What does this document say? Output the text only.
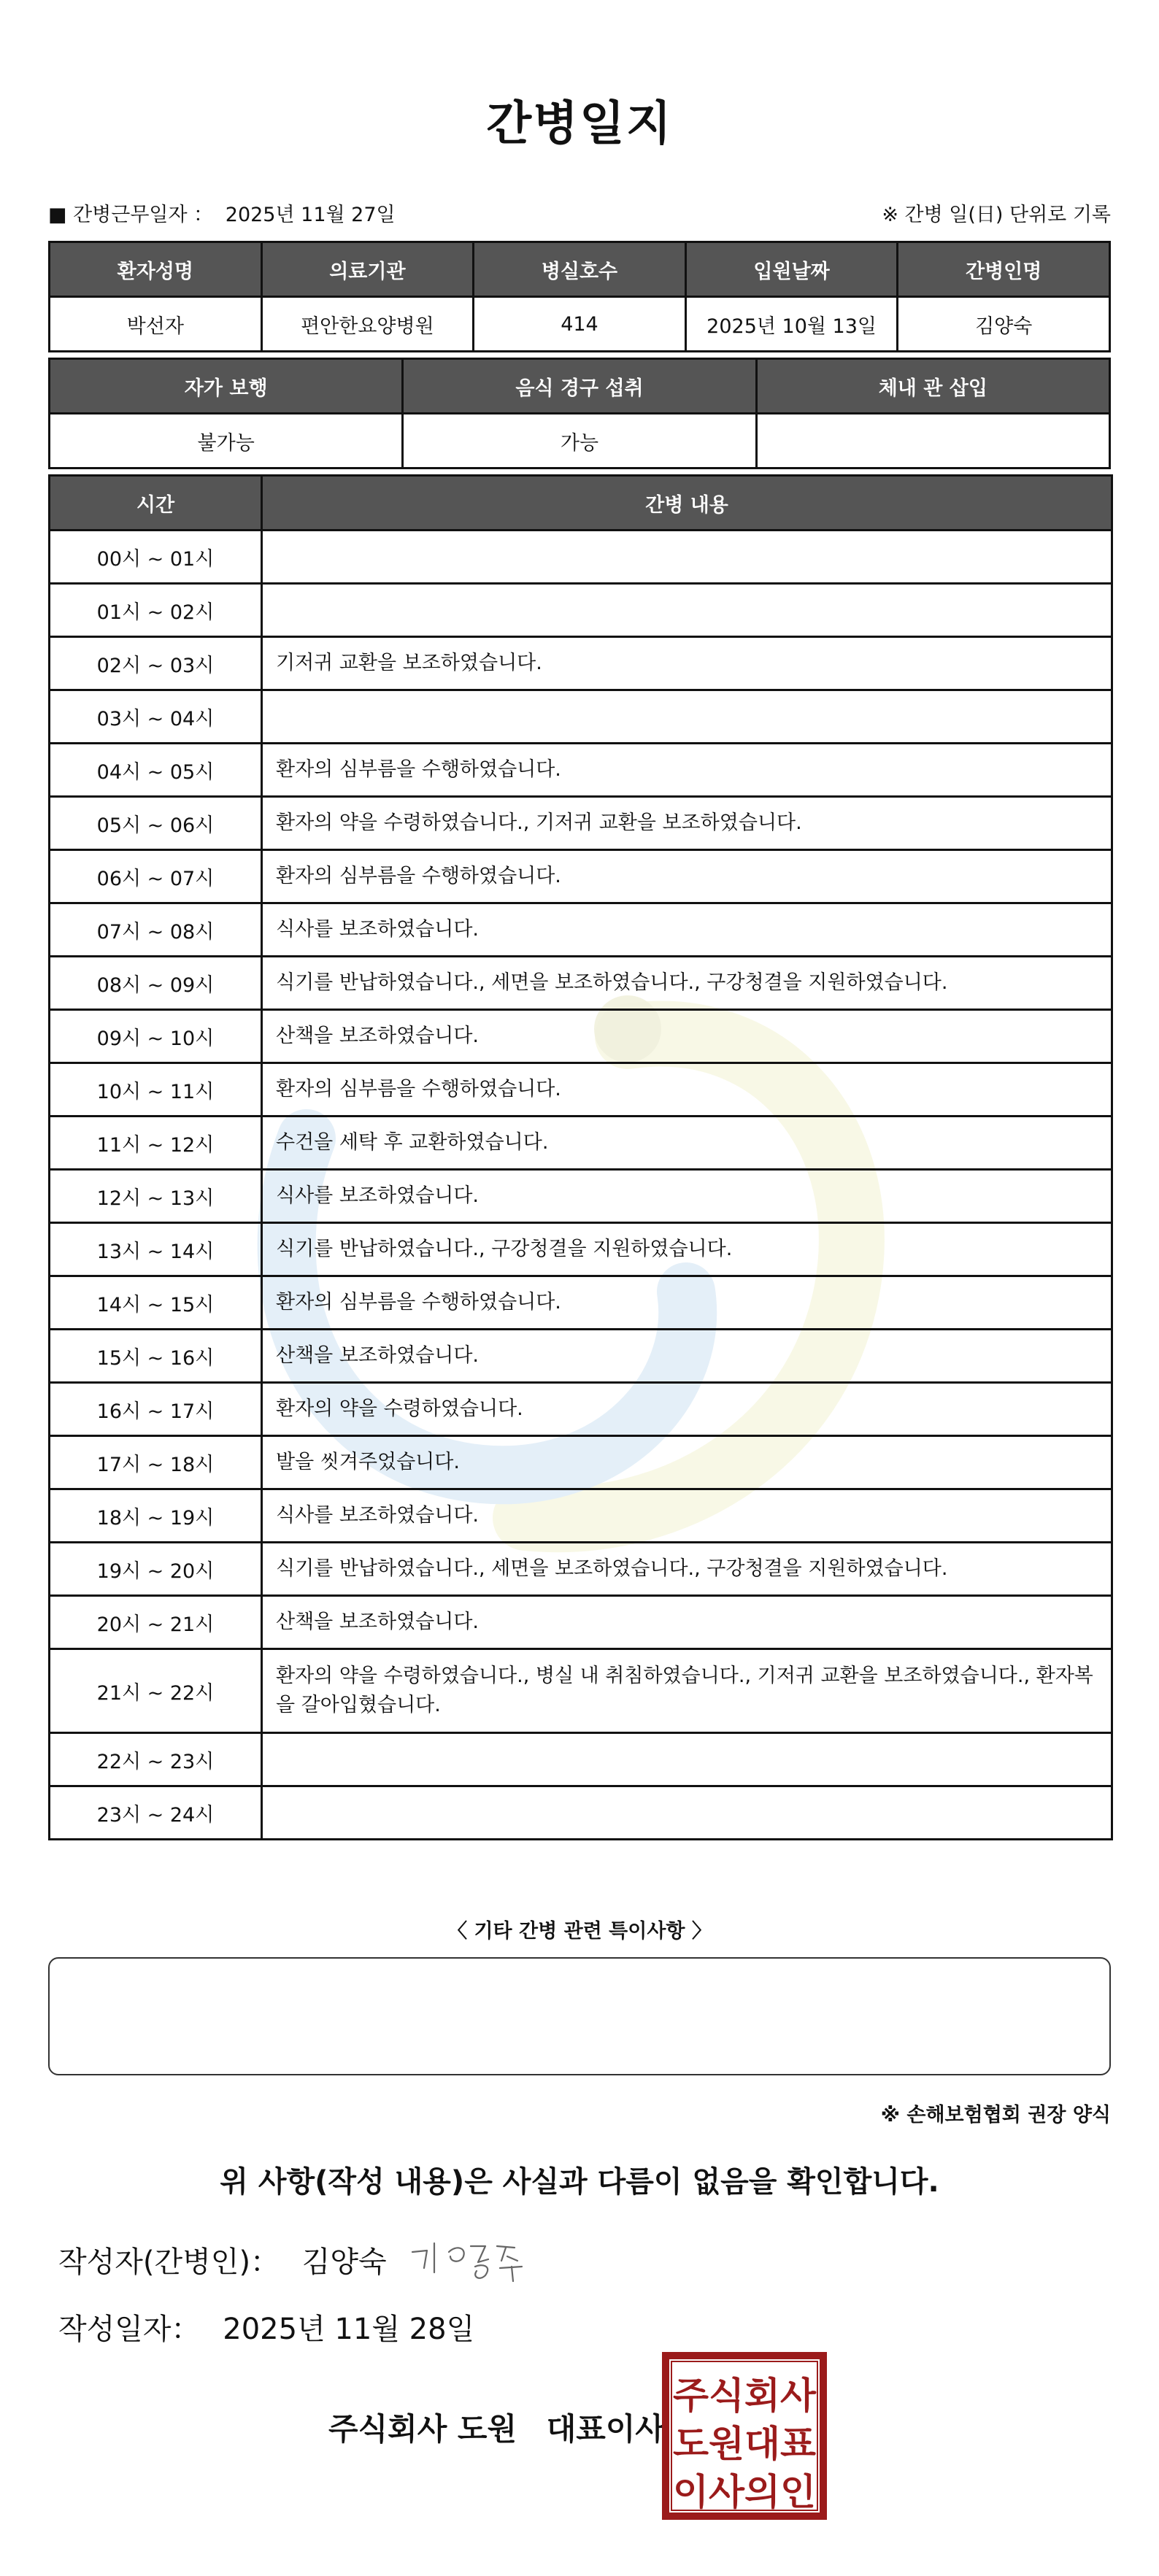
간병일지
■ 간병근무일자 ： 2025년 11월 27일	※ 간병 일(日) 단위로 기록
환자성명	의료기관	병실호수	입원날짜	간병인명
박선자	편안한요양병원	414	2025년 10월 13일	김양숙
자가 보행	음식 경구 섭취	체내 관 삽입
불가능	가능	
시간	간병 내용
00시 ~ 01시	
01시 ~ 02시	
02시 ~ 03시	기저귀 교환을 보조하였습니다.
03시 ~ 04시	
04시 ~ 05시	환자의 심부름을 수행하였습니다.
05시 ~ 06시	환자의 약을 수령하였습니다., 기저귀 교환을 보조하였습니다.
06시 ~ 07시	환자의 심부름을 수행하였습니다.
07시 ~ 08시	식사를 보조하였습니다.
08시 ~ 09시	식기를 반납하였습니다., 세면을 보조하였습니다., 구강청결을 지원하였습니다.
09시 ~ 10시	산책을 보조하였습니다.
10시 ~ 11시	환자의 심부름을 수행하였습니다.
11시 ~ 12시	수건을 세탁 후 교환하였습니다.
12시 ~ 13시	식사를 보조하였습니다.
13시 ~ 14시	식기를 반납하였습니다., 구강청결을 지원하였습니다.
14시 ~ 15시	환자의 심부름을 수행하였습니다.
15시 ~ 16시	산책을 보조하였습니다.
16시 ~ 17시	환자의 약을 수령하였습니다.
17시 ~ 18시	발을 씻겨주었습니다.
18시 ~ 19시	식사를 보조하였습니다.
19시 ~ 20시	식기를 반납하였습니다., 세면을 보조하였습니다., 구강청결을 지원하였습니다.
20시 ~ 21시	산책을 보조하였습니다.
21시 ~ 22시	환자의 약을 수령하였습니다., 병실 내 취침하였습니다., 기저귀 교환을 보조하였습니다., 환자복을 갈아입혔습니다.
22시 ~ 23시	
23시 ~ 24시	
〈 기타 간병 관련 특이사항 〉
※ 손해보험협회 권장 양식
위 사항(작성 내용)은 사실과 다름이 없음을 확인합니다.
작성자(간병인)： 김양숙
작성일자： 2025년 11월 28일
주식회사 도원 대표이사
주식회사
도원대표
이사의인
